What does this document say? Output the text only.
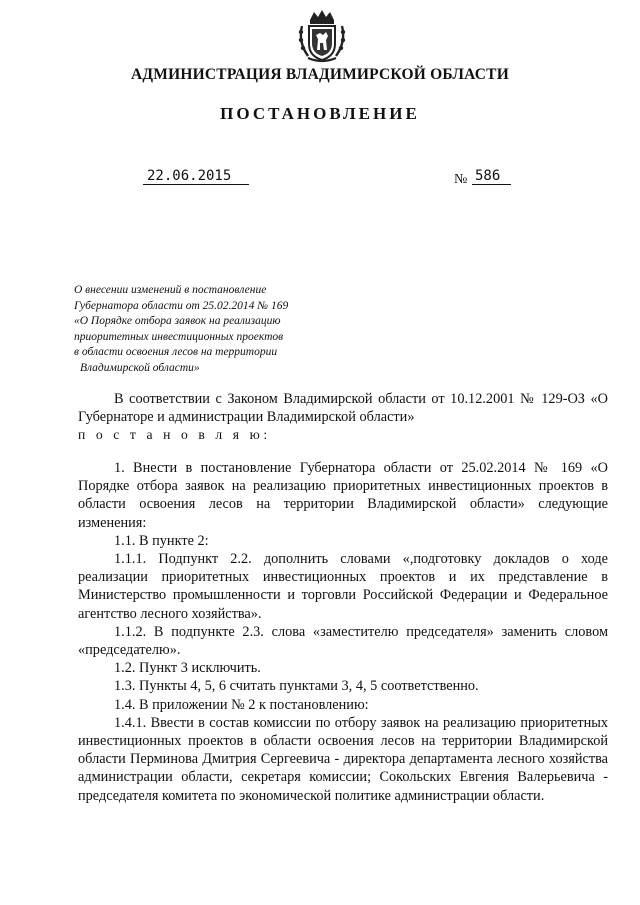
АДМИНИСТРАЦИЯ ВЛАДИМИРСКОЙ ОБЛАСТИ
ПОСТАНОВЛЕНИЕ
22.06.2015	№ 586
О внесении изменений в постановление
Губернатора области от 25.02.2014 № 169
«О Порядке отбора заявок на реализацию
приоритетных инвестиционных проектов
в области освоения лесов на территории
Владимирской области»
В соответствии с Законом Владимирской области от 10.12.2001 № 129-ОЗ «О Губернаторе и администрации Владимирской области»
п о с т а н о в л я ю:

1. Внести в постановление Губернатора области от 25.02.2014 № 169 «О Порядке отбора заявок на реализацию приоритетных инвестиционных проектов в области освоения лесов на территории Владимирской области» следующие изменения:

1.1. В пункте 2:

1.1.1. Подпункт 2.2. дополнить словами «,подготовку докладов о ходе реализации приоритетных инвестиционных проектов и их представление в Министерство промышленности и торговли Российской Федерации и Федеральное агентство лесного хозяйства».

1.1.2. В подпункте 2.3. слова «заместителю председателя» заменить словом «председателю».

1.2. Пункт 3 исключить.

1.3. Пункты 4, 5, 6 считать пунктами 3, 4, 5 соответственно.

1.4. В приложении № 2 к постановлению:

1.4.1. Ввести в состав комиссии по отбору заявок на реализацию приоритетных инвестиционных проектов в области освоения лесов на территории Владимирской области Перминова Дмитрия Сергеевича - директора департамента лесного хозяйства администрации области, секретаря комиссии; Сокольских Евгения Валерьевича - председателя комитета по экономической политике администрации области.
